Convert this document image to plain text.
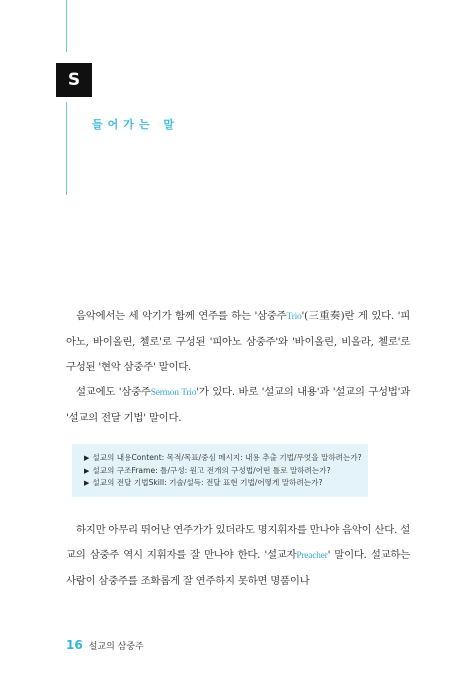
S
들어가는 말

음악에서는 세 악기가 함께 연주를 하는 '삼중주Trio'(三重奏)란 게 있다. '피아노, 바이올린, 첼로'로 구성된 '피아노 삼중주'와 '바이올린, 비올라, 첼로'로 구성된 '현악 삼중주' 말이다.

설교에도 '삼중주Sermon Trio'가 있다. 바로 '설교의 내용'과 '설교의 구성법'과 '설교의 전달 기법' 말이다.

▶ 설교의 내용Content: 목적/목표/중심 메시지: 내용 추출 기법/무엇을 말하려는가?
▶ 설교의 구조Frame: 틀/구성: 원고 전개의 구성법/어떤 틀로 말하려는가?
▶ 설교의 전달 기법Skill: 기술/설득: 전달 표현 기법/어떻게 말하려는가?

하지만 아무리 뛰어난 연주가가 있더라도 명지휘자를 만나야 음악이 산다. 설교의 삼중주 역시 지휘자를 잘 만나야 한다. '설교자Preacher' 말이다. 설교하는 사람이 삼중주를 조화롭게 잘 연주하지 못하면 명품이나

16 설교의 삼중주
